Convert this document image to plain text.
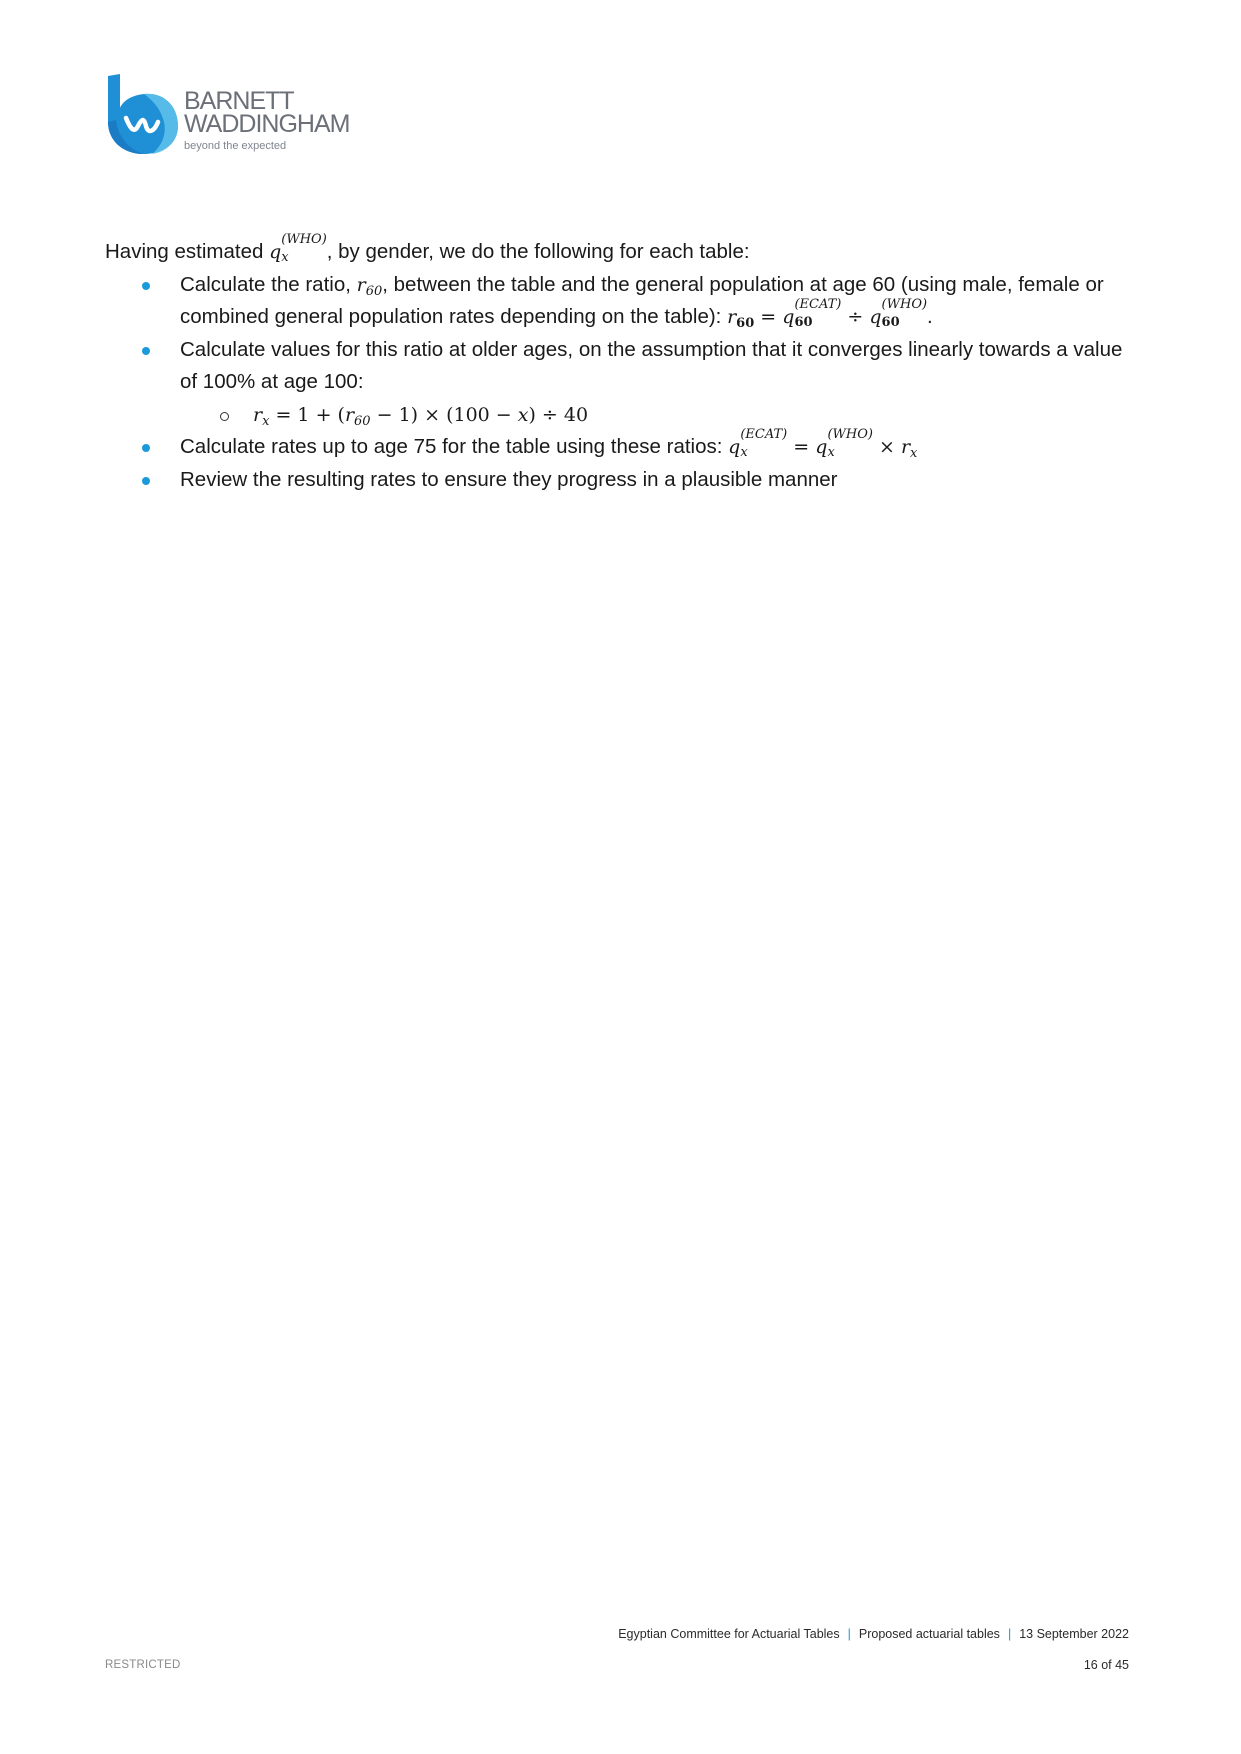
BARNETT
WADDINGHAM
beyond the expected

Having estimated q
(WHO)
x	, by gender, we do the following for each table:

Calculate the ratio, $r_{60}$, between the table and the general population at age 60 (using male, female or combined general population rates depending on the table): $r_{60} = q$
(ECAT)
60	÷ q
(WHO)
60	.
Calculate values for this ratio at older ages, on the assumption that it converges linearly towards a value of 100% at age 100:
$r_x = 1 + (r_{60} - 1) \times (100 - x) \div 40$
Calculate rates up to age 75 for the table using these ratios: q
(ECAT)
x	= q
(WHO)
x	× $r_x$
Review the resulting rates to ensure they progress in a plausible manner
Egyptian Committee for Actuarial Tables | Proposed actuarial tables | 13 September 2022
16 of 45
RESTRICTED
